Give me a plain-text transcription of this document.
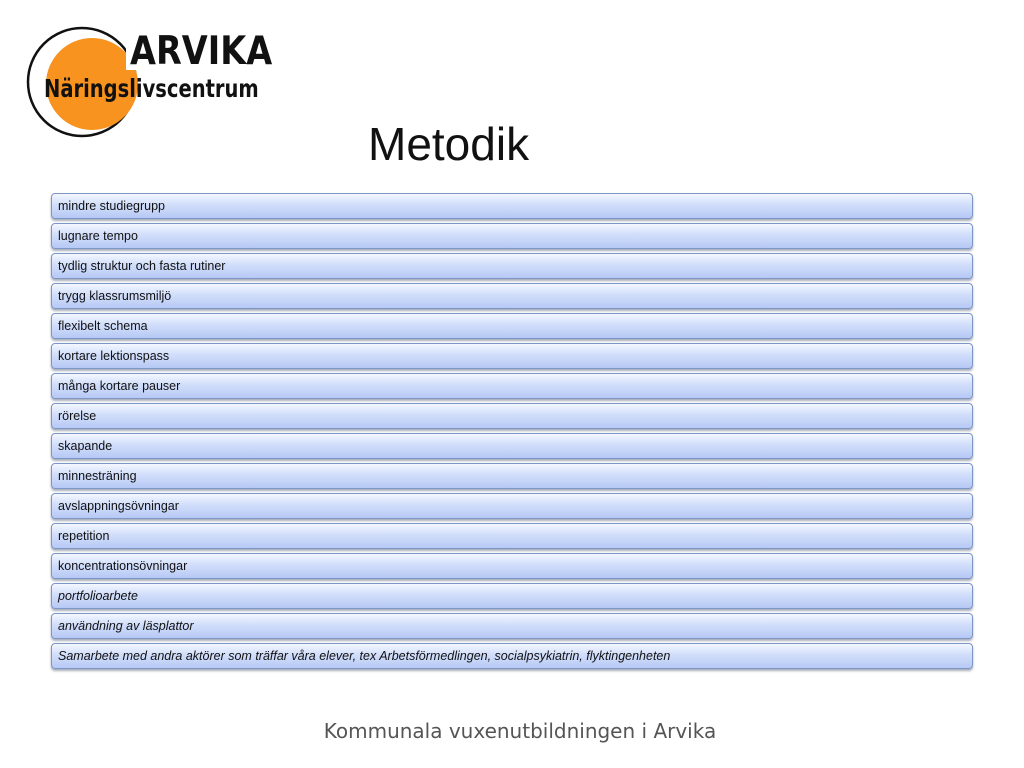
ARVIKA
Näringslivscentrum
Metodik
mindre studiegrupp
lugnare tempo
tydlig struktur och fasta rutiner
trygg klassrumsmiljö
flexibelt schema
kortare lektionspass
många kortare pauser
rörelse
skapande
minnesträning
avslappningsövningar
repetition
koncentrationsövningar
portfolioarbete
användning av läsplattor
Samarbete med andra aktörer som träffar våra elever, tex Arbetsförmedlingen, socialpsykiatrin, flyktingenheten
Kommunala vuxenutbildningen i Arvika
